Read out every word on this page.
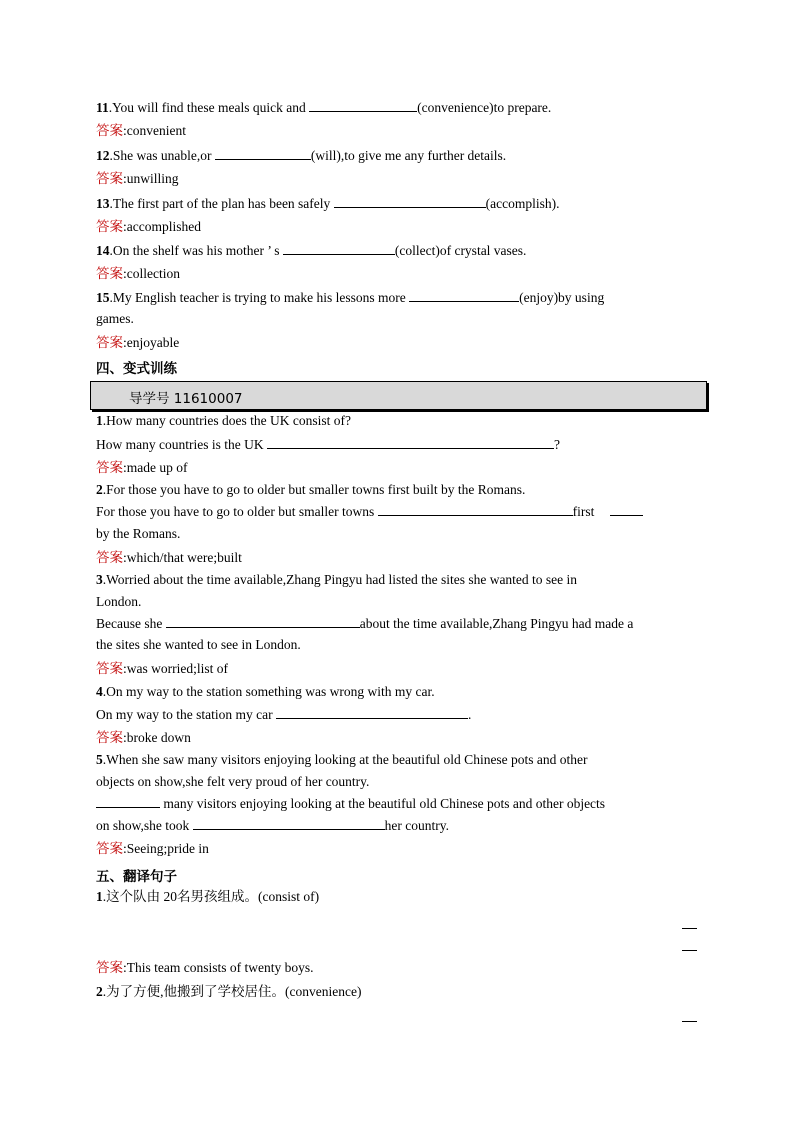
11.You will find these meals quick and	(convenience)to prepare.
答案:convenient
12.She was unable,or	(will),to give me any further details.
答案:unwilling
13.The first part of the plan has been safely	(accomplish).
答案:accomplished
14.On the shelf was his mother ’ s	(collect)of crystal vases.
答案:collection
15.My English teacher is trying to make his lessons more	(enjoy)by using
games.
答案:enjoyable
四、变式训练
导学号 11610007
1.How many countries does the UK consist of?
How many countries is the UK	?
答案:made up of
2.For those you have to go to older but smaller towns first built by the Romans.
For those you have to go to older but smaller towns	first
by the Romans.
答案:which/that were;built
3.Worried about the time available,Zhang Pingyu had listed the sites she wanted to see in
London.
Because she	about the time available,Zhang Pingyu had made a
the sites she wanted to see in London.
答案:was worried;list of
4.On my way to the station something was wrong with my car.
On my way to the station my car	.
答案:broke down
5.When she saw many visitors enjoying looking at the beautiful old Chinese pots and other
objects on show,she felt very proud of her country.
many visitors enjoying looking at the beautiful old Chinese pots and other objects
on show,she took	her country.
答案:Seeing;pride in
五、翻译句子
1.这个队由 20名男孩组成。(consist of)
答案:This team consists of twenty boys.
2.为了方便,他搬到了学校居住。(convenience)
